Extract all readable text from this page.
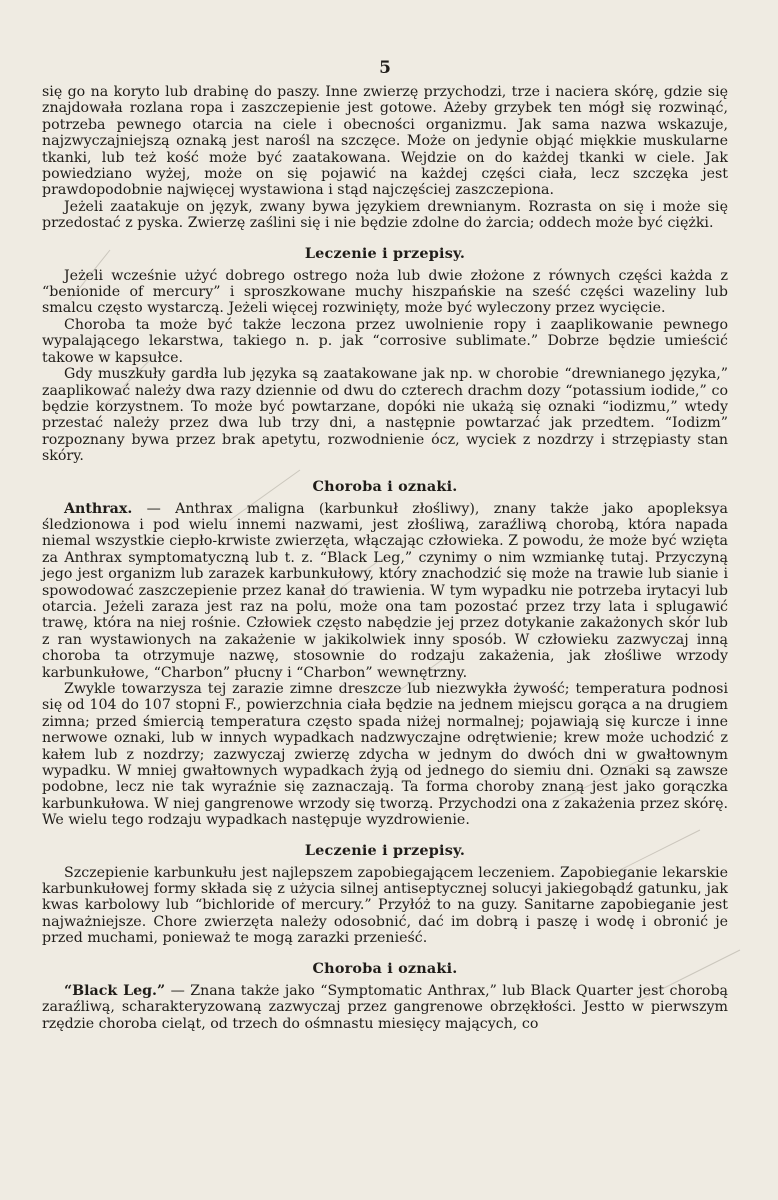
5

się go na koryto lub drabinę do paszy. Inne zwierzę przychodzi, trze i naciera skórę, gdzie się znajdowała rozlana ropa i zaszczepienie jest gotowe. Ażeby grzybek ten mógł się rozwinąć, potrzeba pewnego otarcia na ciele i obecności organizmu. Jak sama nazwa wskazuje, najzwyczajniejszą oznaką jest narośl na szczęce. Może on jedynie objąć miękkie muskularne tkanki, lub też kość może być zaatakowana. Wejdzie on do każdej tkanki w ciele. Jak powiedziano wyżej, może on się pojawić na każdej części ciała, lecz szczęka jest prawdopodobnie najwięcej wystawiona i stąd najczęściej zaszczepiona.

Jeżeli zaatakuje on język, zwany bywa językiem drewnianym. Rozrasta on się i może się przedostać z pyska. Zwierzę zaślini się i nie będzie zdolne do żarcia; oddech może być ciężki.

Leczenie i przepisy.

Jeżeli wcześnie użyć dobrego ostrego noża lub dwie złożone z równych części każda z “benionide of mercury” i sproszkowane muchy hiszpańskie na sześć części wazeliny lub smalcu często wystarczą. Jeżeli więcej rozwinięty, może być wyleczony przez wycięcie.

Choroba ta może być także leczona przez uwolnienie ropy i zaaplikowanie pewnego wypalającego lekarstwa, takiego n. p. jak “corrosive sublimate.” Dobrze będzie umieścić takowe w kapsułce.

Gdy muszkuły gardła lub języka są zaatakowane jak np. w chorobie “drewnianego języka,” zaaplikować należy dwa razy dziennie od dwu do czterech drachm dozy “potassium iodide,” co będzie korzystnem. To może być powtarzane, dopóki nie ukażą się oznaki “iodizmu,” wtedy przestać należy przez dwa lub trzy dni, a następnie powtarzać jak przedtem. “Iodizm” rozpoznany bywa przez brak apetytu, rozwodnienie ócz, wyciek z nozdrzy i strzępiasty stan skóry.

Choroba i oznaki.

Anthrax. — Anthrax maligna (karbunkuł złośliwy), znany także jako apopleksya śledzionowa i pod wielu innemi nazwami, jest złośliwą, zaraźliwą chorobą, która napada niemal wszystkie ciepło-krwiste zwierzęta, włączając człowieka. Z powodu, że może być wzięta za Anthrax symptomatyczną lub t. z. “Black Leg,” czynimy o nim wzmiankę tutaj. Przyczyną jego jest organizm lub zarazek karbunkułowy, który znachodzić się może na trawie lub sianie i spowodować zaszczepienie przez kanał do trawienia. W tym wypadku nie potrzeba irytacyi lub otarcia. Jeżeli zaraza jest raz na polu, może ona tam pozostać przez trzy lata i splugawić trawę, która na niej rośnie. Człowiek często nabędzie jej przez dotykanie zakażonych skór lub z ran wystawionych na zakażenie w jakikolwiek inny sposób. W człowieku zazwyczaj inną choroba ta otrzymuje nazwę, stosownie do rodzaju zakażenia, jak złośliwe wrzody karbunkułowe, “Charbon” płucny i “Charbon” wewnętrzny.

Zwykle towarzysza tej zarazie zimne dreszcze lub niezwykła żywość; temperatura podnosi się od 104 do 107 stopni F., powierzchnia ciała będzie na jednem miejscu gorąca a na drugiem zimna; przed śmiercią temperatura często spada niżej normalnej; pojawiają się kurcze i inne nerwowe oznaki, lub w innych wypadkach nadzwyczajne odrętwienie; krew może uchodzić z kałem lub z nozdrzy; zazwyczaj zwierzę zdycha w jednym do dwóch dni w gwałtownym wypadku. W mniej gwałtownych wypadkach żyją od jednego do siemiu dni. Oznaki są zawsze podobne, lecz nie tak wyraźnie się zaznaczają. Ta forma choroby znaną jest jako gorączka karbunkułowa. W niej gangrenowe wrzody się tworzą. Przychodzi ona z zakażenia przez skórę. We wielu tego rodzaju wypadkach następuje wyzdrowienie.

Leczenie i przepisy.

Szczepienie karbunkułu jest najlepszem zapobiegającem leczeniem. Zapobieganie lekarskie karbunkułowej formy składa się z użycia silnej antiseptycznej solucyi jakiegobądź gatunku, jak kwas karbolowy lub “bichloride of mercury.” Przyłóż to na guzy. Sanitarne zapobieganie jest najważniejsze. Chore zwierzęta należy odosobnić, dać im dobrą i paszę i wodę i obronić je przed muchami, ponieważ te mogą zarazki przenieść.

Choroba i oznaki.

“Black Leg.” — Znana także jako “Symptomatic Anthrax,” lub Black Quarter jest chorobą zaraźliwą, scharakteryzowaną zazwyczaj przez gangrenowe obrzękłości. Jestto w pierwszym rzędzie choroba cieląt, od trzech do ośmnastu miesięcy mających, co
